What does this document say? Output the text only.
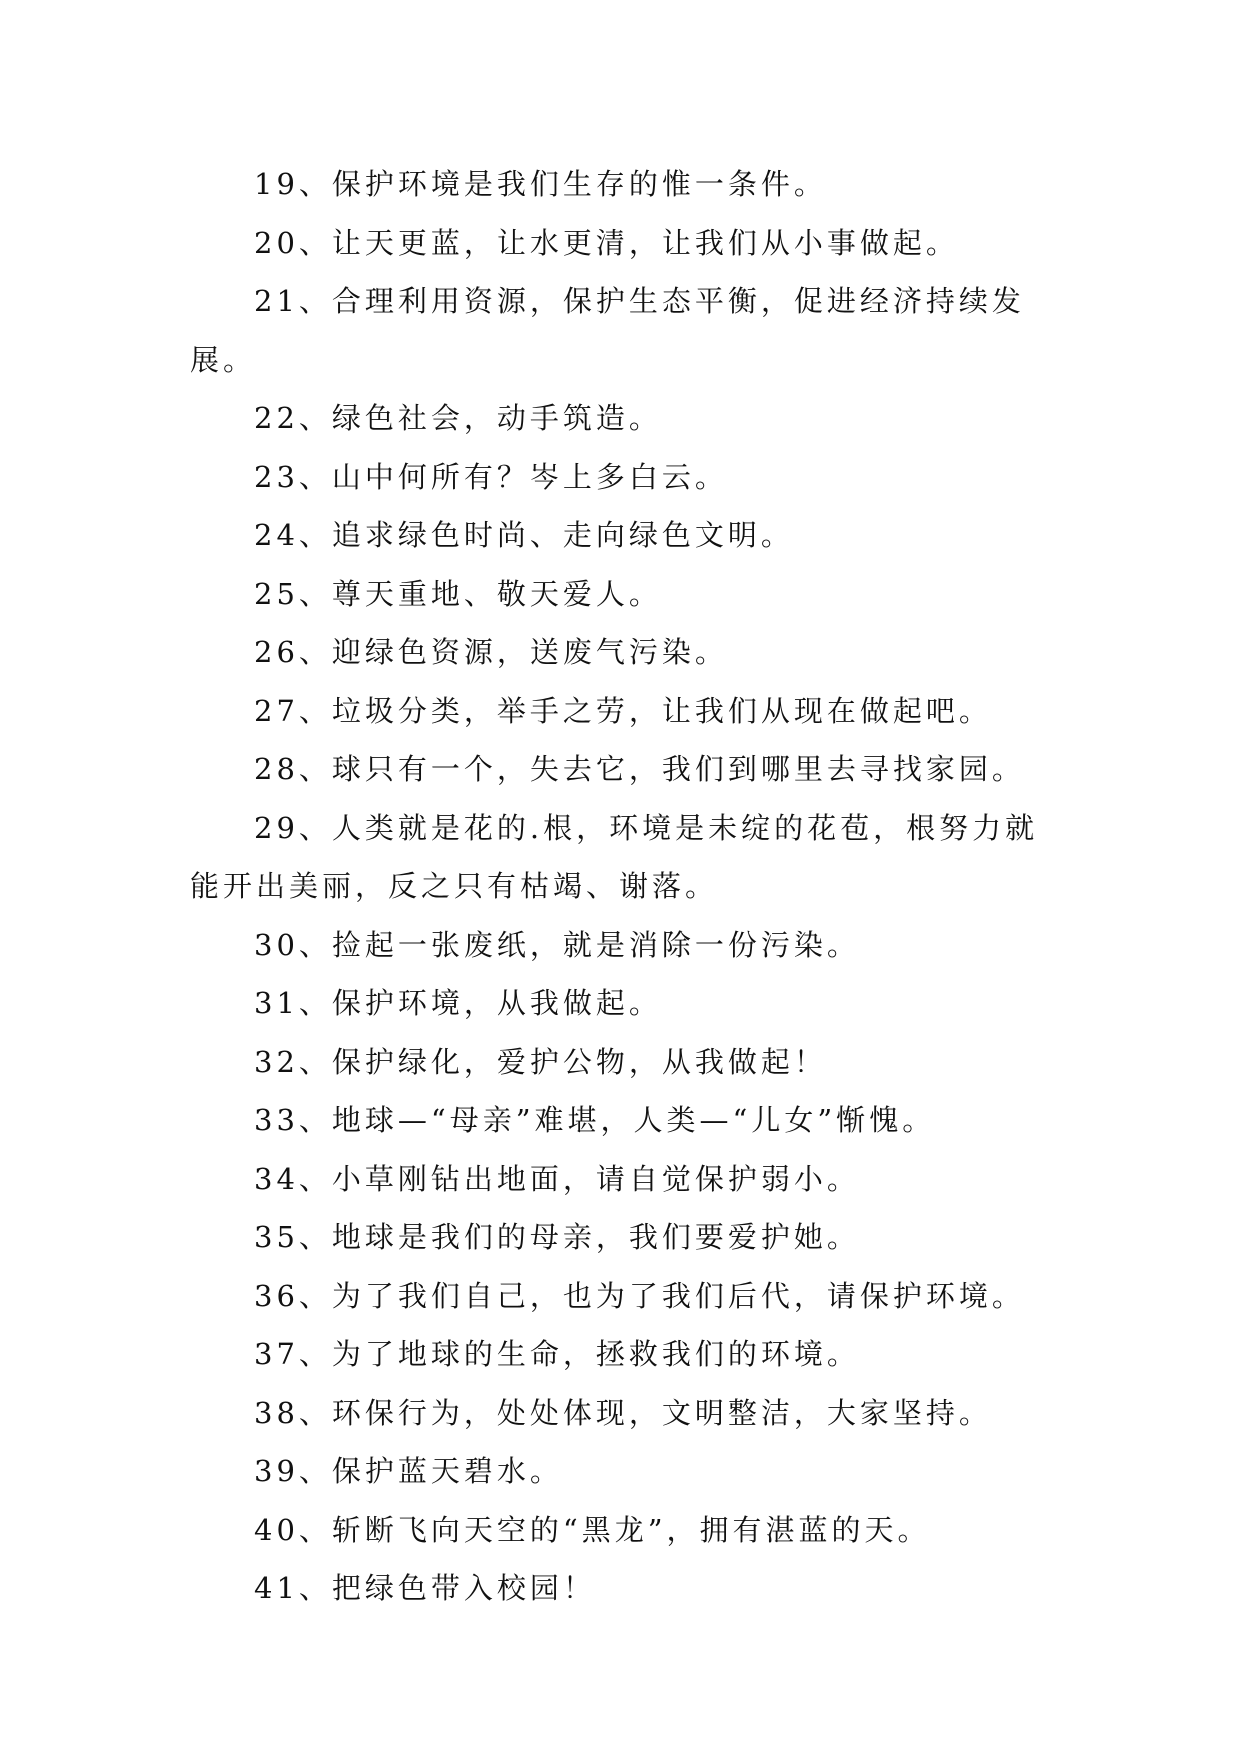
19、保护环境是我们生存的惟一条件。

20、让天更蓝，让水更清，让我们从小事做起。

21、合理利用资源，保护生态平衡，促进经济持续发展。

22、绿色社会，动手筑造。

23、山中何所有？岑上多白云。

24、追求绿色时尚、走向绿色文明。

25、尊天重地、敬天爱人。

26、迎绿色资源，送废气污染。

27、垃圾分类，举手之劳，让我们从现在做起吧。

28、球只有一个，失去它，我们到哪里去寻找家园。

29、人类就是花的.根，环境是未绽的花苞，根努力就能开出美丽，反之只有枯竭、谢落。

30、捡起一张废纸，就是消除一份污染。

31、保护环境，从我做起。

32、保护绿化，爱护公物，从我做起！

33、地球—“母亲”难堪，人类—“儿女”惭愧。

34、小草刚钻出地面，请自觉保护弱小。

35、地球是我们的母亲，我们要爱护她。

36、为了我们自己，也为了我们后代，请保护环境。

37、为了地球的生命，拯救我们的环境。

38、环保行为，处处体现，文明整洁，大家坚持。

39、保护蓝天碧水。

40、斩断飞向天空的“黑龙”，拥有湛蓝的天。

41、把绿色带入校园！
